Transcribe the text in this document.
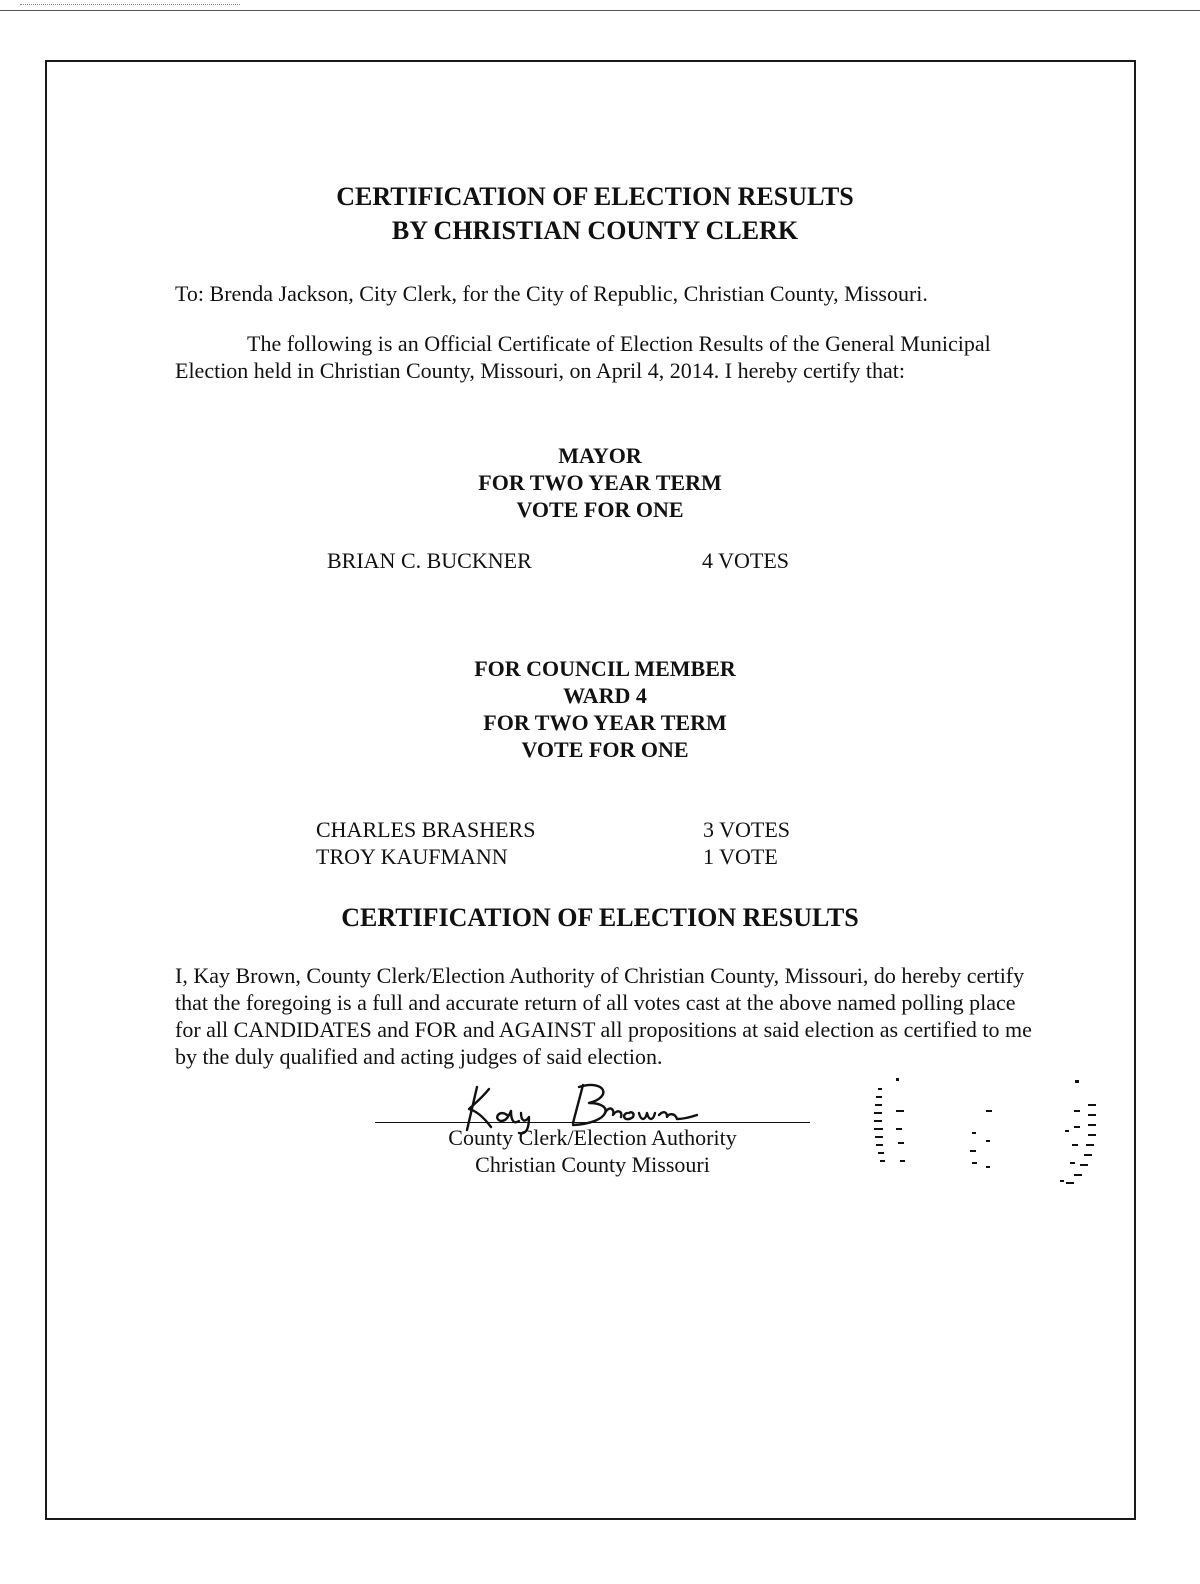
CERTIFICATION OF ELECTION RESULTS
BY CHRISTIAN COUNTY CLERK
To: Brenda Jackson, City Clerk, for the City of Republic, Christian County, Missouri.

The following is an Official Certificate of Election Results of the General Municipal Election held in Christian County, Missouri, on April 4, 2014. I hereby certify that:

MAYOR
FOR TWO YEAR TERM
VOTE FOR ONE
BRIAN C. BUCKNER	4 VOTES
FOR COUNCIL MEMBER
WARD 4
FOR TWO YEAR TERM
VOTE FOR ONE
CHARLES BRASHERS	3 VOTES
TROY KAUFMANN	1 VOTE
CERTIFICATION OF ELECTION RESULTS

I, Kay Brown, County Clerk/Election Authority of Christian County, Missouri, do hereby certify that the foregoing is a full and accurate return of all votes cast at the above named polling place for all CANDIDATES and FOR and AGAINST all propositions at said election as certified to me by the duly qualified and acting judges of said election.

County Clerk/Election Authority
Christian County Missouri
